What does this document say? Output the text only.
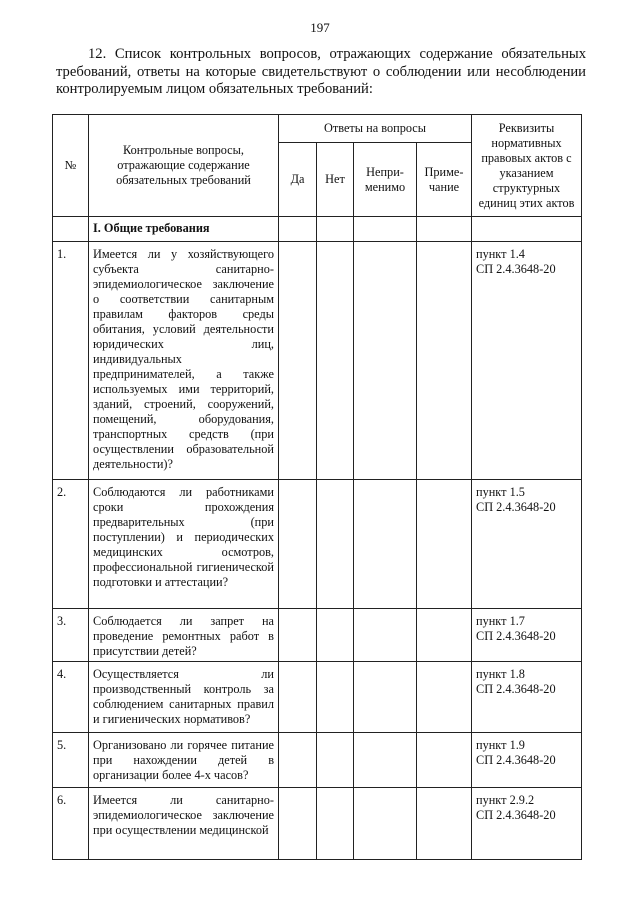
197
12. Список контрольных вопросов, отражающих содержание обязательных требований, ответы на которые свидетельствуют о соблюдении или несоблюдении контролируемым лицом обязательных требований:
№	Контрольные вопросы, отражающие содержание обязательных требований	Ответы на вопросы				Реквизиты нормативных правовых актов с указанием структурных единиц этих актов
		Да	Нет	Непри-менимо	Приме-чание	
	I. Общие требования					
1.	Имеется ли у хозяйствующего субъекта санитарно-эпидемиологическое заключение о соответствии санитарным правилам факторов среды обитания, условий деятельности юридических лиц, индивидуальных предпринимателей, а также используемых ими территорий, зданий, строений, сооружений, помещений, оборудования, транспортных средств (при осуществлении образовательной деятельности)?					пункт 1.4
СП 2.4.3648-20

2.	Соблюдаются ли работниками сроки прохождения предварительных (при поступлении) и периодических медицинских осмотров, профессиональной гигиенической подготовки и аттестации?					пункт 1.5
СП 2.4.3648-20

3.	Соблюдается ли запрет на проведение ремонтных работ в присутствии детей?					пункт 1.7
СП 2.4.3648-20

4.	Осуществляется ли производственный контроль за соблюдением санитарных правил и гигиенических нормативов?					пункт 1.8
СП 2.4.3648-20

5.	Организовано ли горячее питание при нахождении детей в организации более 4-х часов?					пункт 1.9
СП 2.4.3648-20

6.	Имеется ли санитарно-эпидемиологическое заключение при осуществлении медицинской					пункт 2.9.2
СП 2.4.3648-20
